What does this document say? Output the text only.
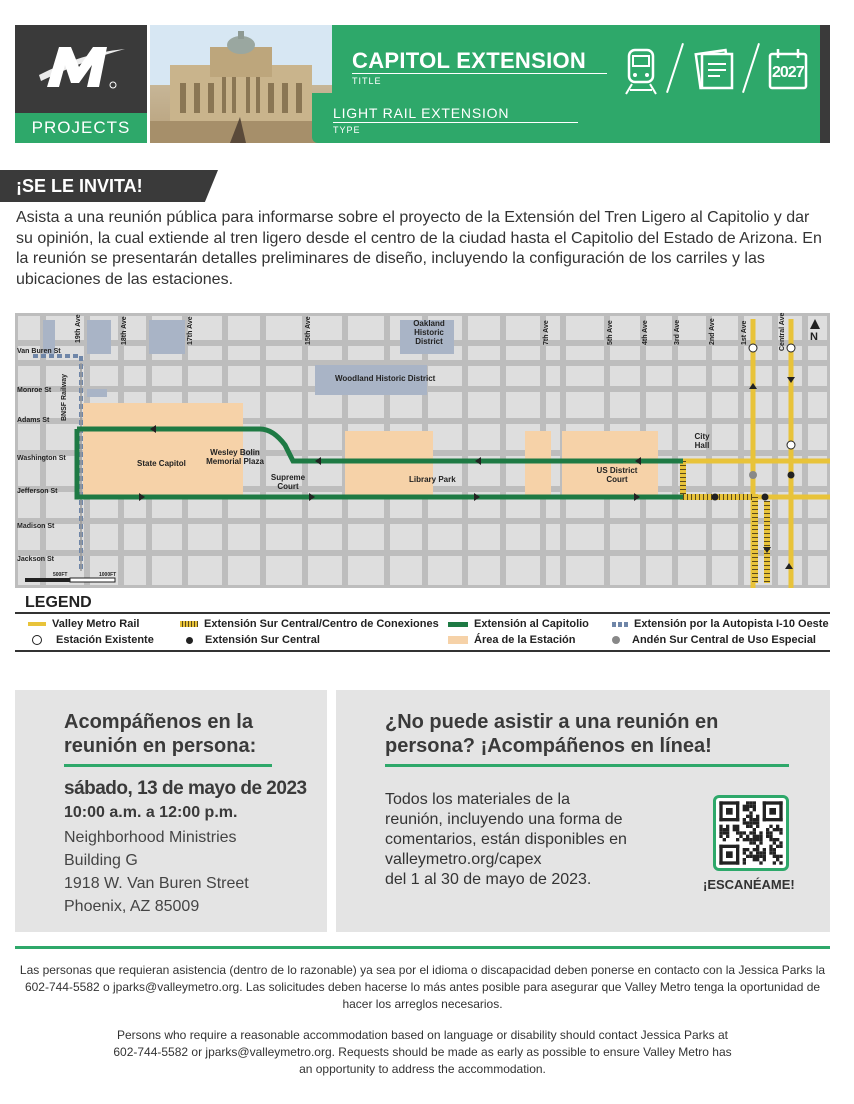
PROJECTS
CAPITOL EXTENSION
TITLE
LIGHT RAIL EXTENSION
TYPE
2027
¡SE LE INVITA!
Asista a una reunión pública para informarse sobre el proyecto de la Extensión del Tren Ligero al Capitolio y dar su opinión, la cual extiende al tren ligero desde el centro de la ciudad hasta el Capitolio del Estado de Arizona. En la reunión se presentarán detalles preliminares de diseño, incluyendo la configuración de los carriles y las ubicaciones de las estaciones.
Van Buren St
Monroe St
Adams St
Washington St
Jefferson St
Madison St
Jackson St
19th Ave	18th Ave	17th Ave	15th Ave	7th Ave	5th Ave	4th Ave	3rd Ave	2nd Ave	1st Ave	Central Ave
BNSF Railway
Oakland Historic District
Woodland Historic District
State Capitol
Wesley Bolin Memorial Plaza
Supreme Court
Library Park
US District Court
City Hall
500FT	1000FT
N
LEGEND
Valley Metro Rail	Extensión Sur Central/Centro de Conexiones	Extensión al Capitolio	Extensión por la Autopista I-10 Oeste
Estación Existente	Extensión Sur Central	Área de la Estación	Andén Sur Central de Uso Especial
Acompáñenos en la reunión en persona:
sábado, 13 de mayo de 2023
10:00 a.m. a 12:00 p.m.
Neighborhood Ministries
Building G
1918 W. Van Buren Street
Phoenix, AZ 85009
¿No puede asistir a una reunión en persona? ¡Acompáñenos en línea!
Todos los materiales de la
reunión, incluyendo una forma de
comentarios, están disponibles en
valleymetro.org/capex
del 1 al 30 de mayo de 2023.	¡ESCANÉAME!
Las personas que requieran asistencia (dentro de lo razonable) ya sea por el idioma o discapacidad deben ponerse en contacto con la Jessica Parks la 602-744-5582 o jparks@valleymetro.org. Las solicitudes deben hacerse lo más antes posible para asegurar que Valley Metro tenga la oportunidad de hacer los arreglos necesarios.
Persons who require a reasonable accommodation based on language or disability should contact Jessica Parks at 602-744-5582 or jparks@valleymetro.org. Requests should be made as early as possible to ensure Valley Metro has an opportunity to address the accommodation.
